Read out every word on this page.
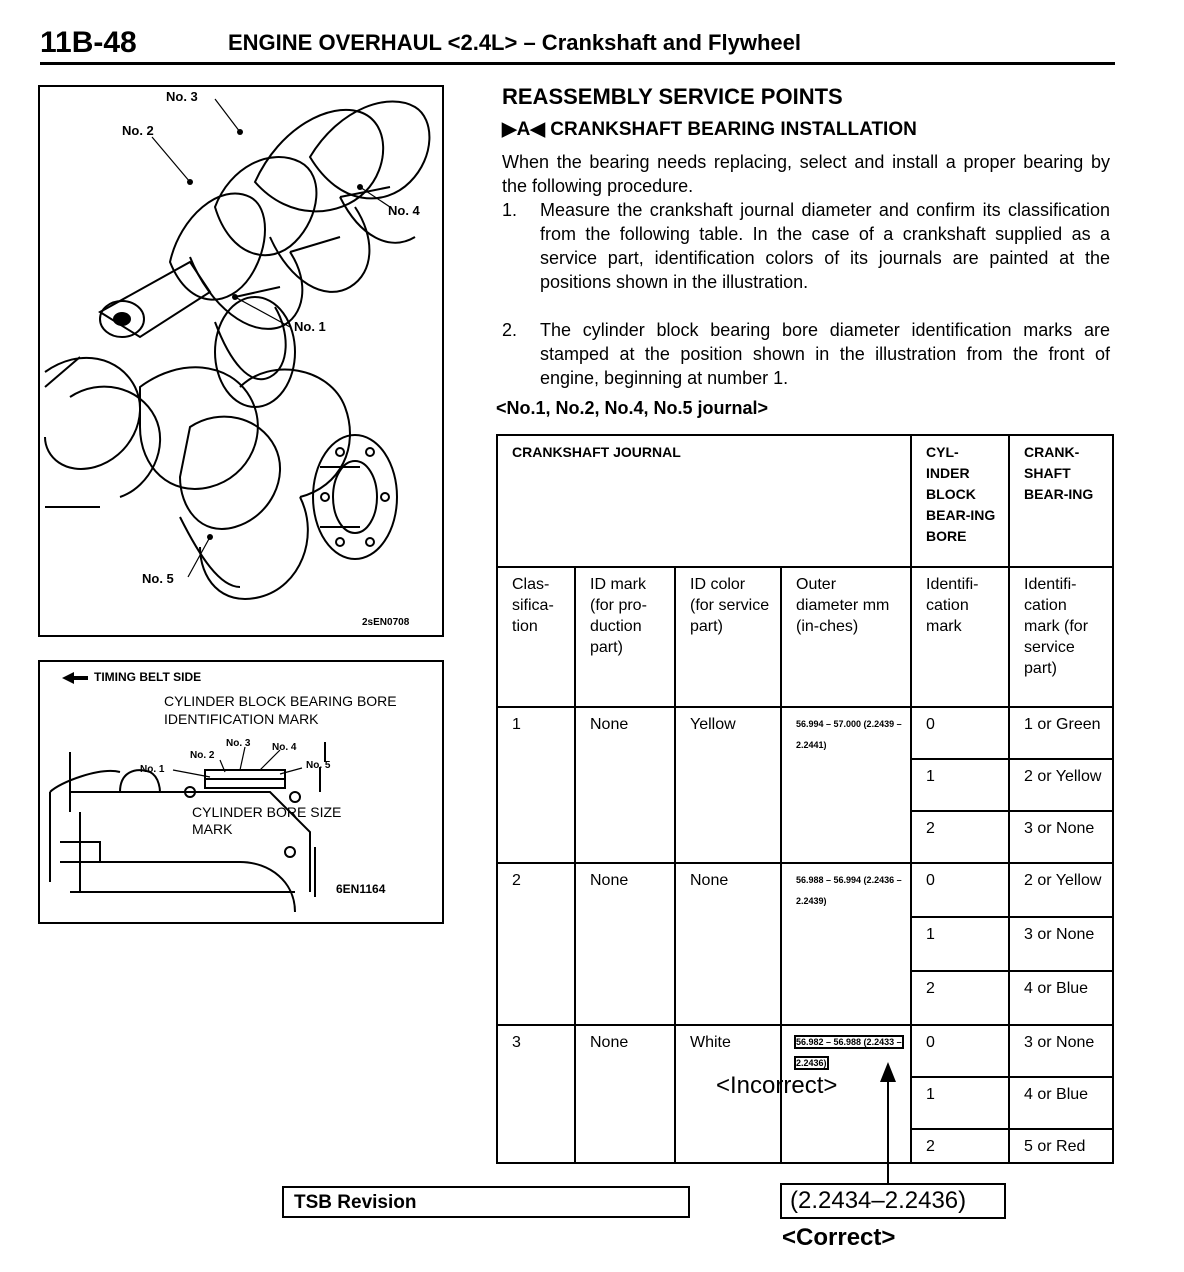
11B-48	ENGINE OVERHAUL <2.4L> – Crankshaft and Flywheel
No. 3
No. 2
No. 4
No. 1
No. 5
2sEN0708
TIMING BELT SIDE
CYLINDER BLOCK BEARING BORE IDENTIFICATION MARK
No. 1
No. 2
No. 3 No. 4
No. 5
CYLINDER BORE SIZE MARK
6EN1164
REASSEMBLY SERVICE POINTS
▶A◀ CRANKSHAFT BEARING INSTALLATION
When the bearing needs replacing, select and install a proper bearing by the following procedure.
1. Measure the crankshaft journal diameter and confirm its classification from the following table. In the case of a crankshaft supplied as a service part, identification colors of its journals are painted at the positions shown in the illustration.
2. The cylinder block bearing bore diameter identification marks are stamped at the position shown in the illustration from the front of engine, beginning at number 1.
<No.1, No.2, No.4, No.5 journal>
CRANKSHAFT JOURNAL				CYL-INDER BLOCK BEAR-ING BORE	CRANK-SHAFT BEAR-ING
Clas-sifica-tion	ID mark (for pro-duction part)	ID color (for service part)	Outer diameter mm (in-ches)	Identifi-cation mark	Identifi-cation mark (for service part)
1	None	Yellow	56.994 – 57.000 (2.2439 – 2.2441)	0	1 or Green
				1	2 or Yellow
				2	3 or None
2	None	None	56.988 – 56.994 (2.2436 – 2.2439)	0	2 or Yellow
				1	3 or None
				2	4 or Blue
3	None	White	56.982 – 56.988 (2.2433 – 2.2436)	0	3 or None
				1	4 or Blue
				2	5 or Red
<Incorrect>
TSB Revision	(2.2434–2.2436)
<Correct>
